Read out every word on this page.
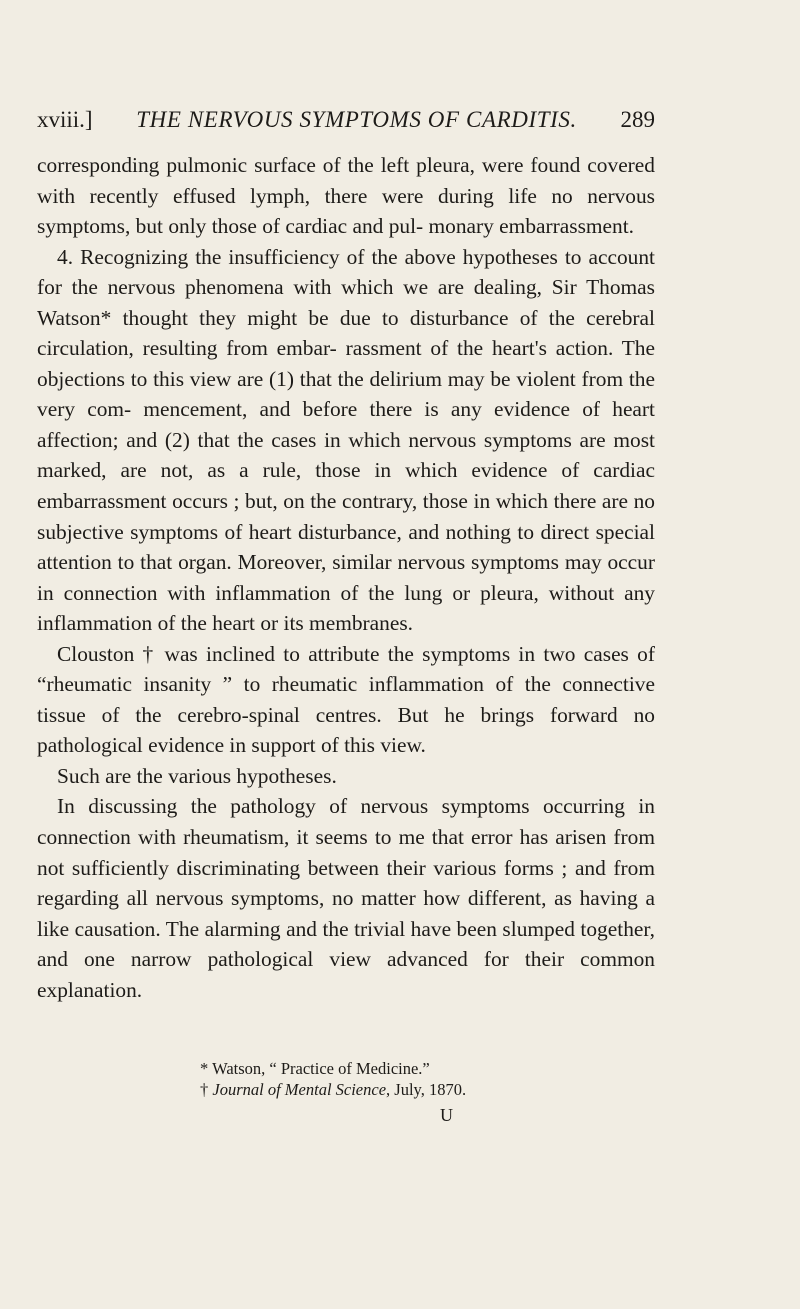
xviii.] THE NERVOUS SYMPTOMS OF CARDITIS. 289

corresponding pulmonic surface of the left pleura, were found covered with recently effused lymph, there were during life no nervous symptoms, but only those of cardiac and pul- monary embarrassment.

4. Recognizing the insufficiency of the above hypotheses to account for the nervous phenomena with which we are dealing, Sir Thomas Watson* thought they might be due to disturbance of the cerebral circulation, resulting from embar- rassment of the heart's action. The objections to this view are (1) that the delirium may be violent from the very com- mencement, and before there is any evidence of heart affection; and (2) that the cases in which nervous symptoms are most marked, are not, as a rule, those in which evidence of cardiac embarrassment occurs ; but, on the contrary, those in which there are no subjective symptoms of heart disturbance, and nothing to direct special attention to that organ. Moreover, similar nervous symptoms may occur in connection with inflammation of the lung or pleura, without any inflammation of the heart or its membranes.

Clouston † was inclined to attribute the symptoms in two cases of “rheumatic insanity ” to rheumatic inflammation of the connective tissue of the cerebro-spinal centres. But he brings forward no pathological evidence in support of this view.

Such are the various hypotheses.

In discussing the pathology of nervous symptoms occurring in connection with rheumatism, it seems to me that error has arisen from not sufficiently discriminating between their various forms ; and from regarding all nervous symptoms, no matter how different, as having a like causation. The alarming and the trivial have been slumped together, and one narrow pathological view advanced for their common explanation.

* Watson, “ Practice of Medicine.”
† Journal of Mental Science, July, 1870.
U
